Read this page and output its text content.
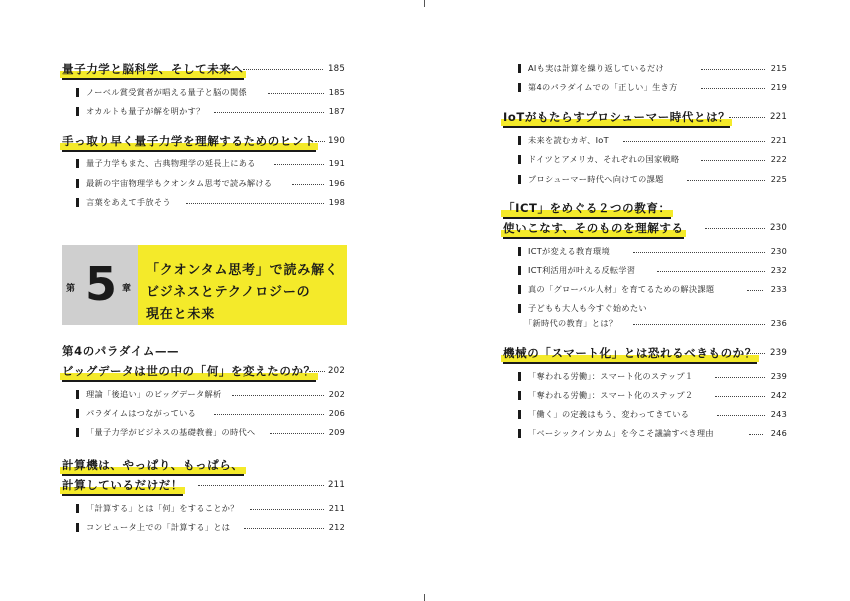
量子力学と脳科学、そして未来へ	185
ノーベル賞受賞者が唱える量子と脳の関係	185
オカルトも量子が解を明かす？	187
手っ取り早く量子力学を理解するためのヒント	190
量子力学もまた、古典物理学の延長上にある	191
最新の宇宙物理学もクオンタム思考で読み解ける	196
言葉をあえて手放そう	198
第 5 章
「クオンタム思考」で読み解く
ビジネスとテクノロジーの
現在と未来
第4のパラダイム——
ビッグデータは世の中の「何」を変えたのか？	202
理論「後追い」のビッグデータ解析	202
パラダイムはつながっている	206
「量子力学がビジネスの基礎教養」の時代へ	209
計算機は、やっぱり、もっぱら、
計算しているだけだ！	211
「計算する」とは「何」をすることか？	211
コンピュータ上での「計算する」とは	212
AIも実は計算を繰り返しているだけ	215
第4のパラダイムでの「正しい」生き方	219
IoTがもたらすプロシューマー時代とは？	221
未来を読むカギ、IoT	221
ドイツとアメリカ、それぞれの国家戦略	222
プロシューマー時代へ向けての課題	225
「ICT」をめぐる２つの教育：
使いこなす、そのものを理解する	230
ICTが変える教育環境	230
ICT利活用が叶える反転学習	232
真の「グローバル人材」を育てるための解決課題	233
子どもも大人も今すぐ始めたい
「新時代の教育」とは？	236
機械の「スマート化」とは恐れるべきものか？	239
「奪われる労働」：スマート化のステップ１	239
「奪われる労働」：スマート化のステップ２	242
「働く」の定義はもう、変わってきている	243
「ベーシックインカム」を今こそ議論すべき理由	246
